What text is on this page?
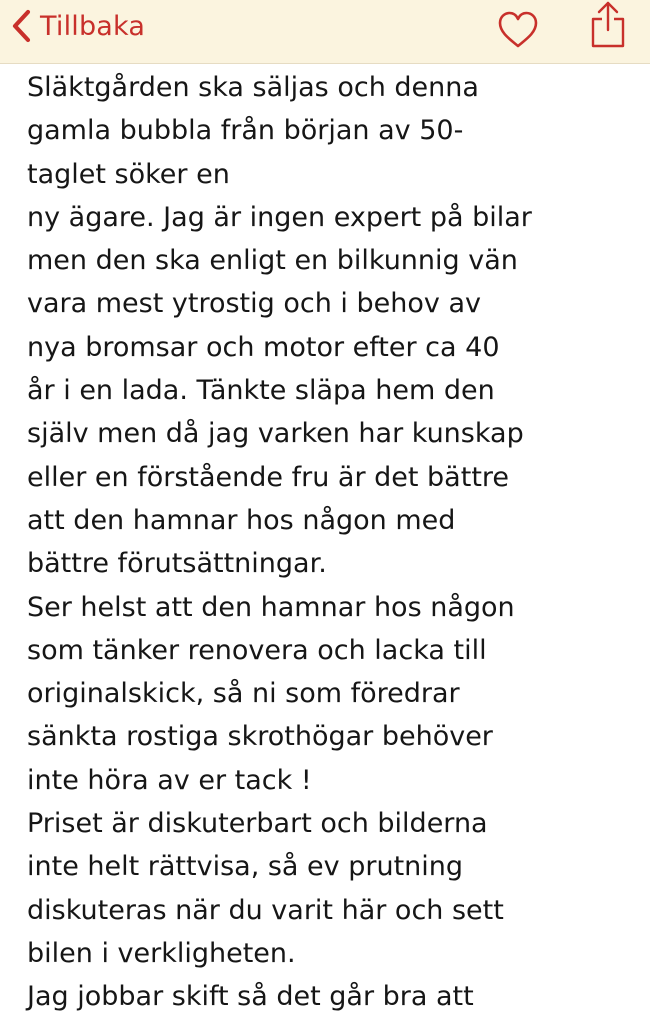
Tillbaka
Släktgården ska säljas och denna
gamla bubbla från början av 50-
taglet söker en
ny ägare. Jag är ingen expert på bilar
men den ska enligt en bilkunnig vän
vara mest ytrostig och i behov av
nya bromsar och motor efter ca 40
år i en lada. Tänkte släpa hem den
själv men då jag varken har kunskap
eller en förstående fru är det bättre
att den hamnar hos någon med
bättre förutsättningar.
Ser helst att den hamnar hos någon
som tänker renovera och lacka till
originalskick, så ni som föredrar
sänkta rostiga skrothögar behöver
inte höra av er tack !
Priset är diskuterbart och bilderna
inte helt rättvisa, så ev prutning
diskuteras när du varit här och sett
bilen i verkligheten.
Jag jobbar skift så det går bra att
